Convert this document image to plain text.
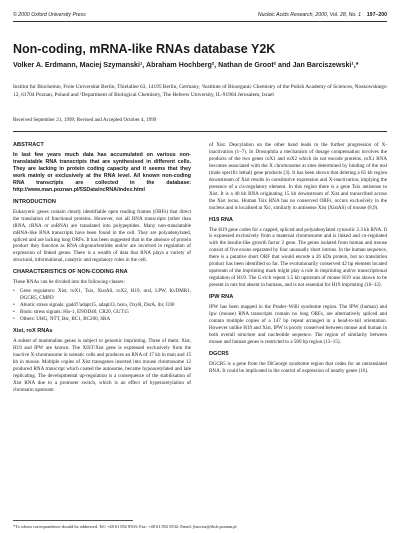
© 2000 Oxford University Press	Nucleic Acids Research, 2000, Vol. 28, No. 1 197–200
Non-coding, mRNA-like RNAs database Y2K
Volker A. Erdmann, Maciej Szymanski¹, Abraham Hochberg², Nathan de Groot² and Jan Barciszewski¹,*
Institut fur Biochemie, Freie Universitat Berlin, Thielallee 63, 14195 Berlin, Germany, ¹Institute of Bioorganic Chemistry of the Polish Academy of Sciences, Noskowskiego 12, 61704 Poznan, Poland and ²Department of Biological Chemistry, The Hebrew University, IL-91904 Jerusalem, Israel
Received September 21, 1999; Revised and Accepted October 4, 1999
ABSTRACT

In last few years much data has accumulated on various non-translatable RNA transcripts that are synthesised in different cells. They are lacking in protein coding capacity and it seems that they work mainly or exclusively at the RNA level. All known non-coding RNA transcripts are collected in the database: http://www.man.poznan.pl/5SData/ncRNA/index.html

INTRODUCTION

Eukaryotic genes contain clearly identifiable open reading frames (ORFs) that direct the translation of functional proteins. However, not all RNA transcripts (other than tRNA, rRNA or snRNA) are translated into polypeptides. Many non-translatable mRNA-like RNA transcripts have been found in the cell. They are polyadenylated, spliced and are lacking long ORFs. It has been suggested that in the absence of protein product they function as RNA oligonucleotides and/or are involved in regulation of expression of linked genes. There is a wealth of data that RNA plays a variety of structural, informational, catalytic and regulatory roles in the cell.

CHARACTERISTICS OF NON-CODING RNA

These RNAs can be divided into the following classes:

• Gene regulators: Xist, roX1, Tsix, XistAS, roX2, H19, nrsl, LPW, KvDMR1, DGCR5, CMPD
• Abiotic stress signals: gadd7/adapt15, adapt33, hsrω, OxyR, DsrA, ibr, G90
• Biotic stress signals: His-1, ENOD40, CR20, GUT15
• Others: UHG, NTT, Bsr, BC1, BC200, SRA
Xist, roX RNAs

A subset of mammalian genes is subject to genomic imprinting. Three of them: Xist, H19 and IPW are known. The XIST/Xist gene is expressed exclusively from the inactive X-chromosome in somatic cells and produces an RNA of 17 kb in man and 15 kb in mouse. Multiple copies of Xist transgenes inserted into mouse chromosome 12 produced RNA transcript which coated the autosome, became hypoacetylated and late replicating. The developmental up-regulation is a consequence of the stabilisation of Xist RNA due to a promoter switch, which is an effect of hyperacetylation of chromatin upstream

of Xist. Deacylation on the other hand leads to the further progression of X-inactivation (1–7). In Drosophila a mechanism of dosage compensation involves the products of the two genes roX1 and roX2 which do not encode proteins. roX1 RNA becomes associated with the X chromosome at sites determined by binding of the msl (male specific lethal) gene products (3). It has been shown that deleting a 65 kb region downstream of Xist results in constitutive expression and X-inactivation, implying the presence of a cis-regulatory element. In this region there is a gene Tsix antisense to Xist. It is a 40 kb RNA originating 15 kb downstream of Xist and transcribed across the Xist locus. Human Tsix RNA has no conserved ORFs, occurs exclusively in the nucleus and is localised at Xic, similarly to antisense Xist (XistAS) of mouse (8,9).

H19 RNA

The H19 gene codes for a capped, spliced and polyadenylated cytosolic 2.3 kb RNA. It is expressed exclusively from a maternal chromosome and is linked and co-regulated with the insulin-like growth factor 2 gene. The genes isolated from human and mouse consist of five exons separated by four unusually short introns. In the human sequence, there is a putative short ORF that would encode a 26 kDa protein, but no translation product has been identified so far. The evolutionarily conserved 42 bp element located upstream of the imprinting mark might play a role in imprinting and/or transcriptional regulation of H19. The G-rich repeat 1.5 kb upstream of mouse H19 was shown to be present in rats but absent in humans, and is not essential for H19 imprinting (10–12).

IPW RNA

IPW has been mapped in the Prader–Willi syndrome region. The IPW (human) and Ipw (mouse) RNA transcripts contain no long ORFs, are alternatively spliced and contain multiple copies of a 147 bp repeat arranged in a head-to-tail orientation. However unlike H19 and Xist, IPW is poorly conserved between mouse and human in both overall structure and nucleotide sequence. The region of similarity between mouse and human genes is restricted to a 500 bp region (13–15).

DGCR5

DGCR5 is a gene from the DiGeorge syndrome region that codes for an untranslated RNA. It could be implicated in the control of expression of nearby genes (16).

*To whom correspondence should be addressed. Tel: +48 61 852 8503; Fax: +48 61 852 0532; Email: jbarcisz@ibch.poznan.pl
